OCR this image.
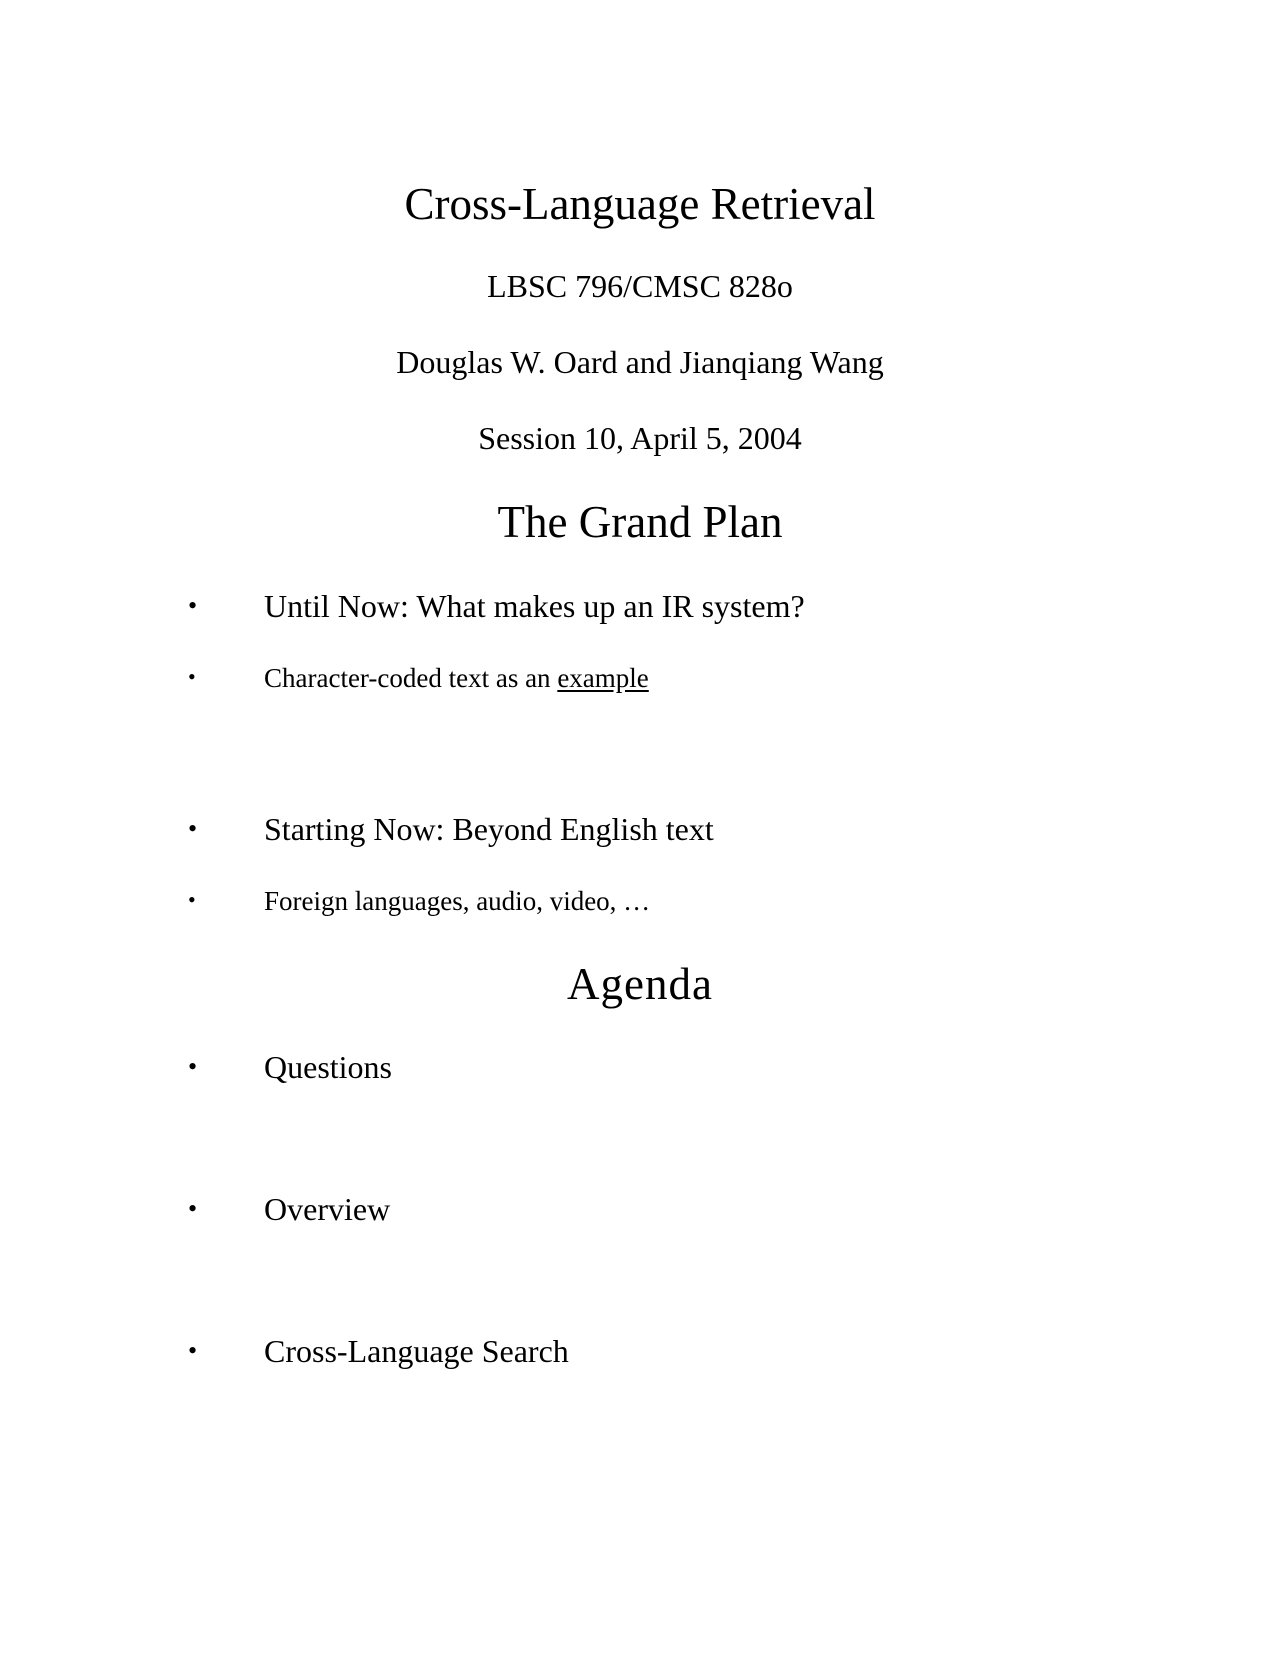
Cross-Language Retrieval
LBSC 796/CMSC 828o
Douglas W. Oard and Jianqiang Wang
Session 10, April 5, 2004
The Grand Plan
• Until Now: What makes up an IR system?
•	Character-coded text as an example
• Starting Now: Beyond English text
•	Foreign languages, audio, video, …
Agenda
• Questions
• Overview
• Cross-Language Search
